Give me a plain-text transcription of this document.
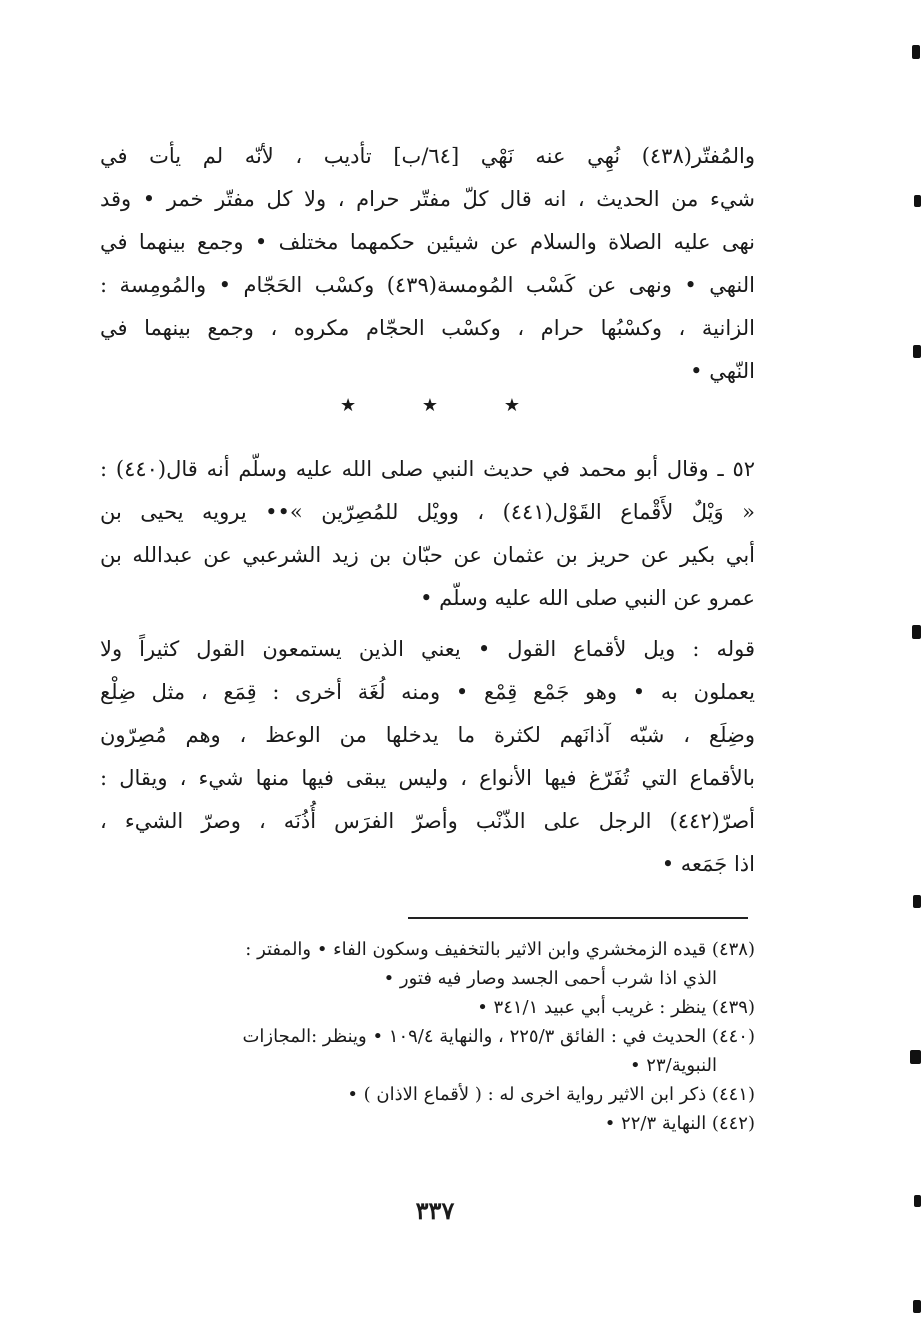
والمُفتّر(٤٣٨) نُهِي عنه نَهْي [٦٤/ب] تأديب ، لأنّه لم يأت في
شيء من الحديث ، انه قال كلّ مفتّر حرام ، ولا كل مفتّر خمر • وقد
نهى عليه الصلاة والسلام عن شيئين حكمهما مختلف • وجمع بينهما في
النهي • ونهى عن كَسْب المُومسة(٤٣٩) وكسْب الحَجّام • والمُومِسة :
الزانية ، وكسْبُها حرام ، وكسْب الحجّام مكروه ، وجمع بينهما في
النّهي •
★	★	★
٥٢ ـ وقال أبو محمد في حديث النبي صلى الله عليه وسلّم أنه قال(٤٤٠) :
« وَيْلٌ لأَقْماع القَوْل(٤٤١) ، وويْل للمُصِرّين »•• يرويه يحيى بن
أبي بكير عن حريز بن عثمان عن حبّان بن زيد الشرعبي عن عبدالله بن
عمرو عن النبي صلى الله عليه وسلّم •
قوله : ويل لأقماع القول • يعني الذين يستمعون القول كثيراً ولا
يعملون به • وهو جَمْع قِمْع • ومنه لُغَة أخرى : قِمَع ، مثل ضِلْع
وضِلَع ، شبّه آذانَهم لكثرة ما يدخلها من الوعظ ، وهم مُصِرّون
بالأقماع التي تُفَرّغ فيها الأنواع ، وليس يبقى فيها منها شيء ، ويقال :
أصرّ(٤٤٢) الرجل على الذّنْب وأصرّ الفرَس أُذُنَه ، وصرّ الشيء ،
اذا جَمَعه •
(٤٣٨) قيده الزمخشري وابن الاثير بالتخفيف وسكون الفاء • والمفتر :
الذي اذا شرب أحمى الجسد وصار فيه فتور •
(٤٣٩) ينظر : غريب أبي عبيد ٣٤١/١ •
(٤٤٠) الحديث في : الفائق ٢٢٥/٣ ، والنهاية ١٠٩/٤ • وينظر :المجازات
النبوية/٢٣ •
(٤٤١) ذكر ابن الاثير رواية اخرى له : ( لأقماع الاذان ) •
(٤٤٢) النهاية ٢٢/٣ •
٣٣٧
